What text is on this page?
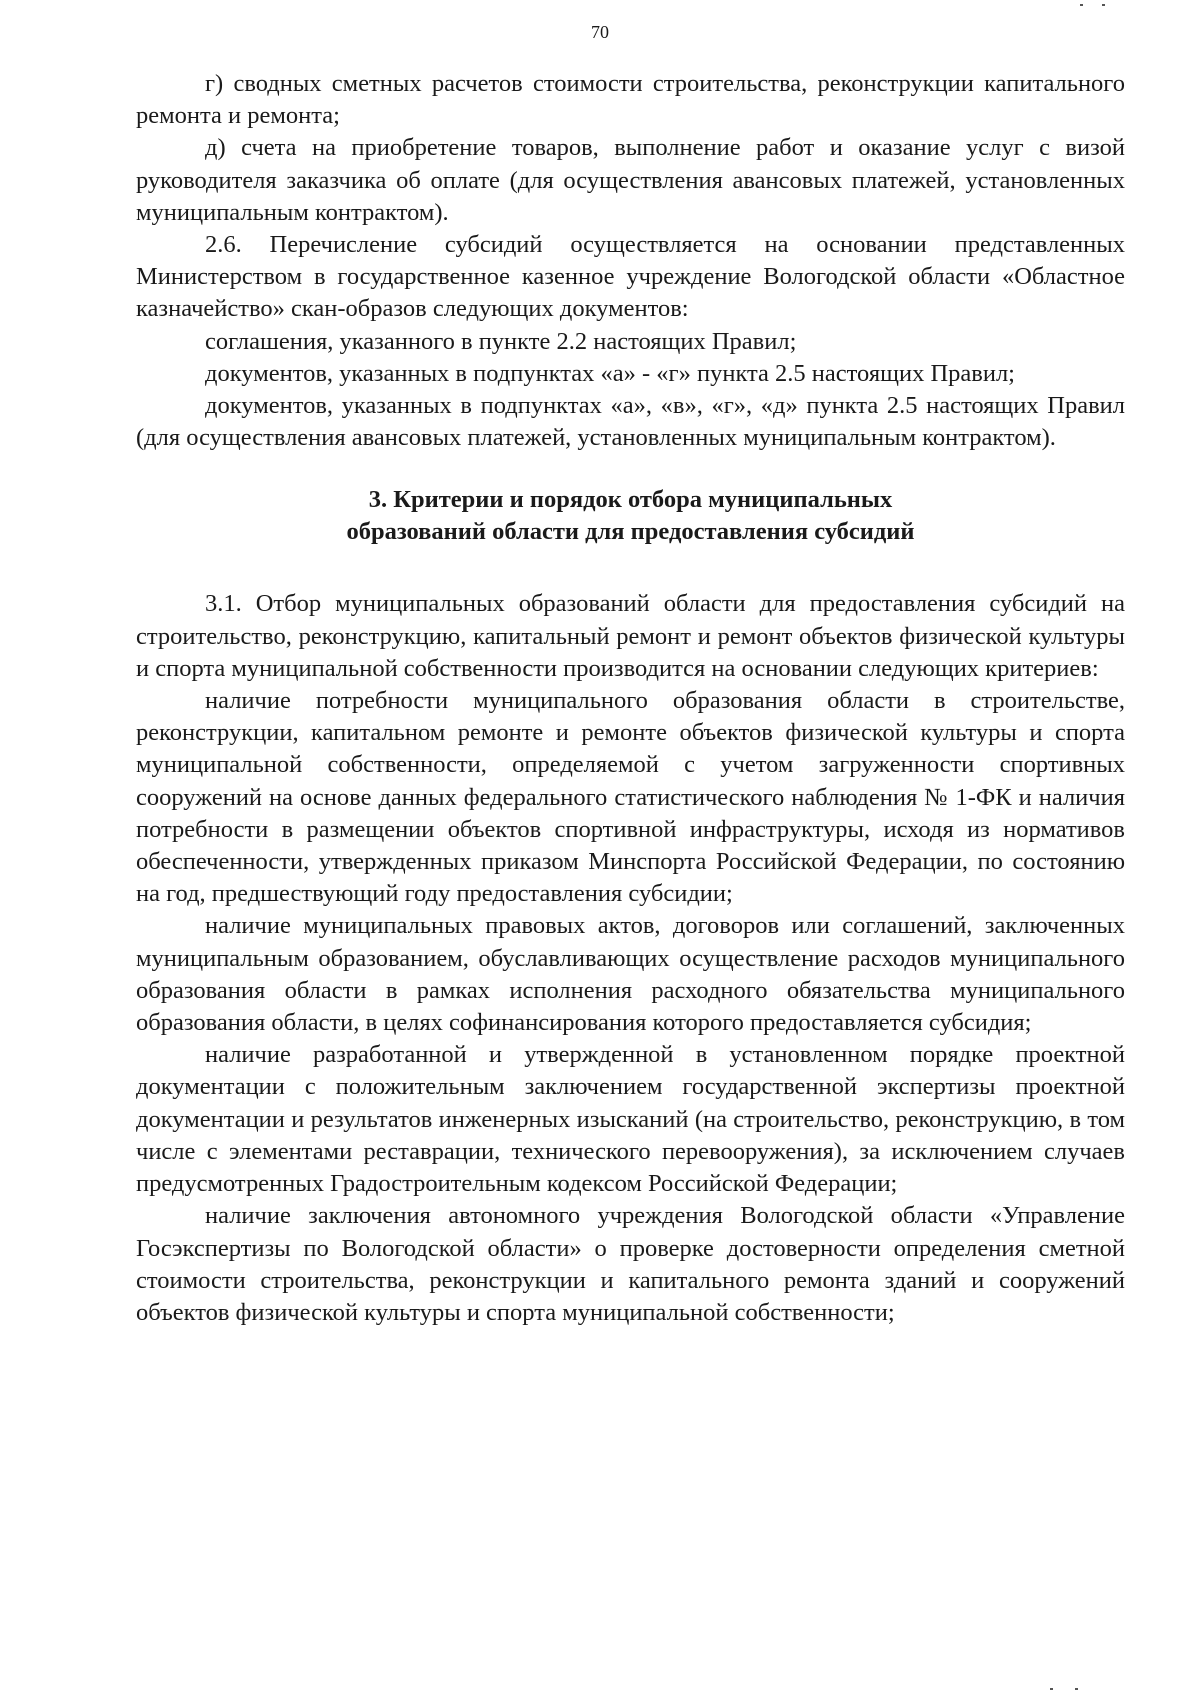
70

г) сводных сметных расчетов стоимости строительства, реконструкции капитального ремонта и ремонта;

д) счета на приобретение товаров, выполнение работ и оказание услуг с визой руководителя заказчика об оплате (для осуществления авансовых платежей, установленных муниципальным контрактом).

2.6. Перечисление субсидий осуществляется на основании представленных Министерством в государственное казенное учреждение Вологодской области «Областное казначейство» скан-образов следующих документов:

соглашения, указанного в пункте 2.2 настоящих Правил;

документов, указанных в подпунктах «а» - «г» пункта 2.5 настоящих Правил;

документов, указанных в подпунктах «а», «в», «г», «д» пункта 2.5 настоящих Правил (для осуществления авансовых платежей, установленных муниципальным контрактом).

3. Критерии и порядок отбора муниципальных
образований области для предоставления субсидий

3.1. Отбор муниципальных образований области для предоставления субсидий на строительство, реконструкцию, капитальный ремонт и ремонт объектов физической культуры и спорта муниципальной собственности производится на основании следующих критериев:

наличие потребности муниципального образования области в строительстве, реконструкции, капитальном ремонте и ремонте объектов физической культуры и спорта муниципальной собственности, определяемой с учетом загруженности спортивных сооружений на основе данных федерального статистического наблюдения № 1-ФК и наличия потребности в размещении объектов спортивной инфраструктуры, исходя из нормативов обеспеченности, утвержденных приказом Минспорта Российской Федерации, по состоянию на год, предшествующий году предоставления субсидии;

наличие муниципальных правовых актов, договоров или соглашений, заключенных муниципальным образованием, обуславливающих осуществление расходов муниципального образования области в рамках исполнения расходного обязательства муниципального образования области, в целях софинансирования которого предоставляется субсидия;

наличие разработанной и утвержденной в установленном порядке проектной документации с положительным заключением государственной экспертизы проектной документации и результатов инженерных изысканий (на строительство, реконструкцию, в том числе с элементами реставрации, технического перевооружения), за исключением случаев предусмотренных Градостроительным кодексом Российской Федерации;

наличие заключения автономного учреждения Вологодской области «Управление Госэкспертизы по Вологодской области» о проверке достоверности определения сметной стоимости строительства, реконструкции и капитального ремонта зданий и сооружений объектов физической культуры и спорта муниципальной собственности;
